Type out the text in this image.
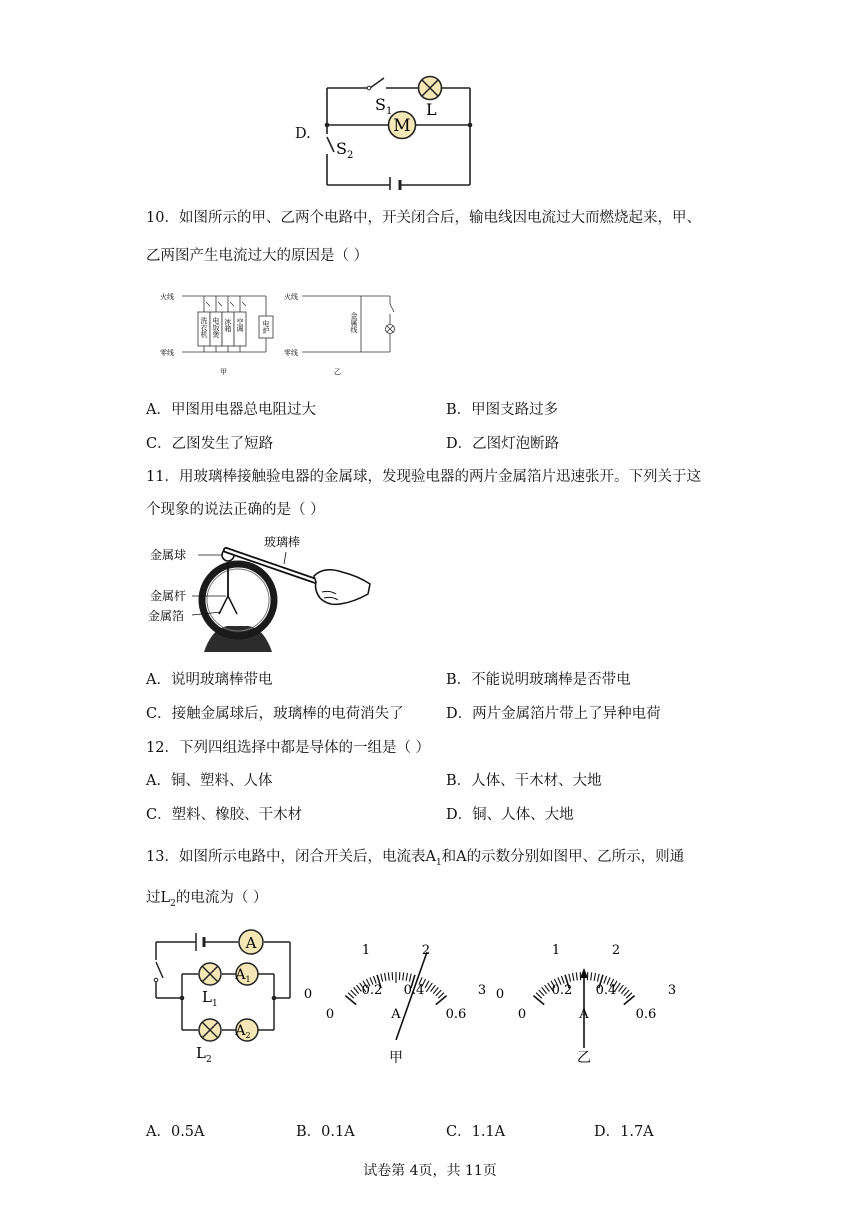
D.	M
$S_1$ L
$S_2$
10．如图所示的甲、乙两个电路中，开关闭合后，输电线因电流过大而燃烧起来，甲、
乙两图产生电流过大的原因是（ ）
火线
零线
火线
零线
洗衣机 电饭煲 冰箱 空调	电炉	金属线
甲	乙
A．甲图用电器总电阻过大	B．甲图支路过多
C．乙图发生了短路	D．乙图灯泡断路
11．用玻璃棒接触验电器的金属球，发现验电器的两片金属箔片迅速张开。下列关于这
个现象的说法正确的是（ ）
金属球
玻璃棒
金属杆
金属箔
A．说明玻璃棒带电	B．不能说明玻璃棒是否带电
C．接触金属球后，玻璃棒的电荷消失了	D．两片金属箔片带上了异种电荷
12．下列四组选择中都是导体的一组是（ ）
A．铜、塑料、人体	B．人体、干木材、大地
C．塑料、橡胶、干木材	D．铜、人体、大地
13．如图所示电路中，闭合开关后，电流表$A_1$和A的示数分别如图甲、乙所示，则通
过$L_2$的电流为（ ）
A
$A_1$
$L_1$
$A_2$
$L_2$
1	2
3
0
0
0.2 0.4
0.6
A
甲
1	2
3
0
0
0.2 0.4
0.6
A
乙
A．0.5A	B．0.1A	C．1.1A	D．1.7A
试卷第 4页，共 11页
